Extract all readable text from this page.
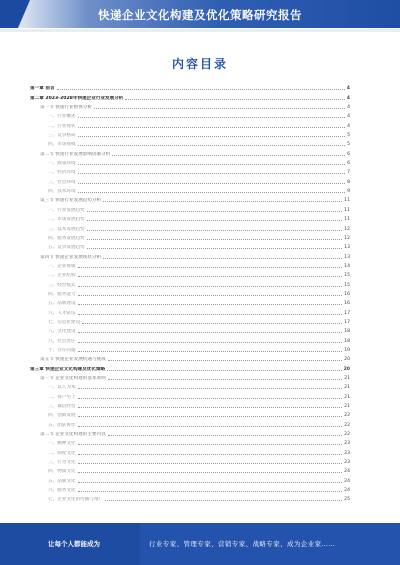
快递企业文化构建及优化策略研究报告
内容目录
第一章 前言	4
第二章 2023-2028年快递企业行业发展分析	4
第一节 快递行业整体分析	4
一、行业概述	4
二、行业现状	4
三、竞争格局	5
四、市场规模	5
第二节 快递行业发展影响因素分析	6
一、政策环境	6
二、经济环境	7
三、社会环境	8
四、技术环境	9
第三节 快递行业发展趋势分析	11
一、行业发展趋势	11
二、市场发展趋势	11
三、技术发展趋势	12
四、服务发展趋势	12
五、竞争发展趋势	13
第四节 快递企业发展现状分析	13
一、企业规模	14
二、企业结构	15
三、经营模式	15
四、服务能力	16
五、品牌建设	16
六、人才队伍	17
七、信息化建设	17
八、文化建设	18
九、社会责任	18
十、存在问题	19
第五节 快递企业发展机遇与挑战	20
第三章 快递企业文化构建及优化策略	20
第一节 企业文化构建的基本原则	21
一、以人为本	21
二、客户至上	21
三、诚信经营	21
四、创新发展	22
五、团队协作	22
第二节 企业文化构建的主要内容	22
一、精神文化	23
二、制度文化	23
三、行为文化	23
四、物质文化	24
五、品牌文化	24
六、服务文化	24
七、企业文化的传播与推广	25
让每个人都能成为	行业专家、管理专家、营销专家、战略专家、成为企业家……
